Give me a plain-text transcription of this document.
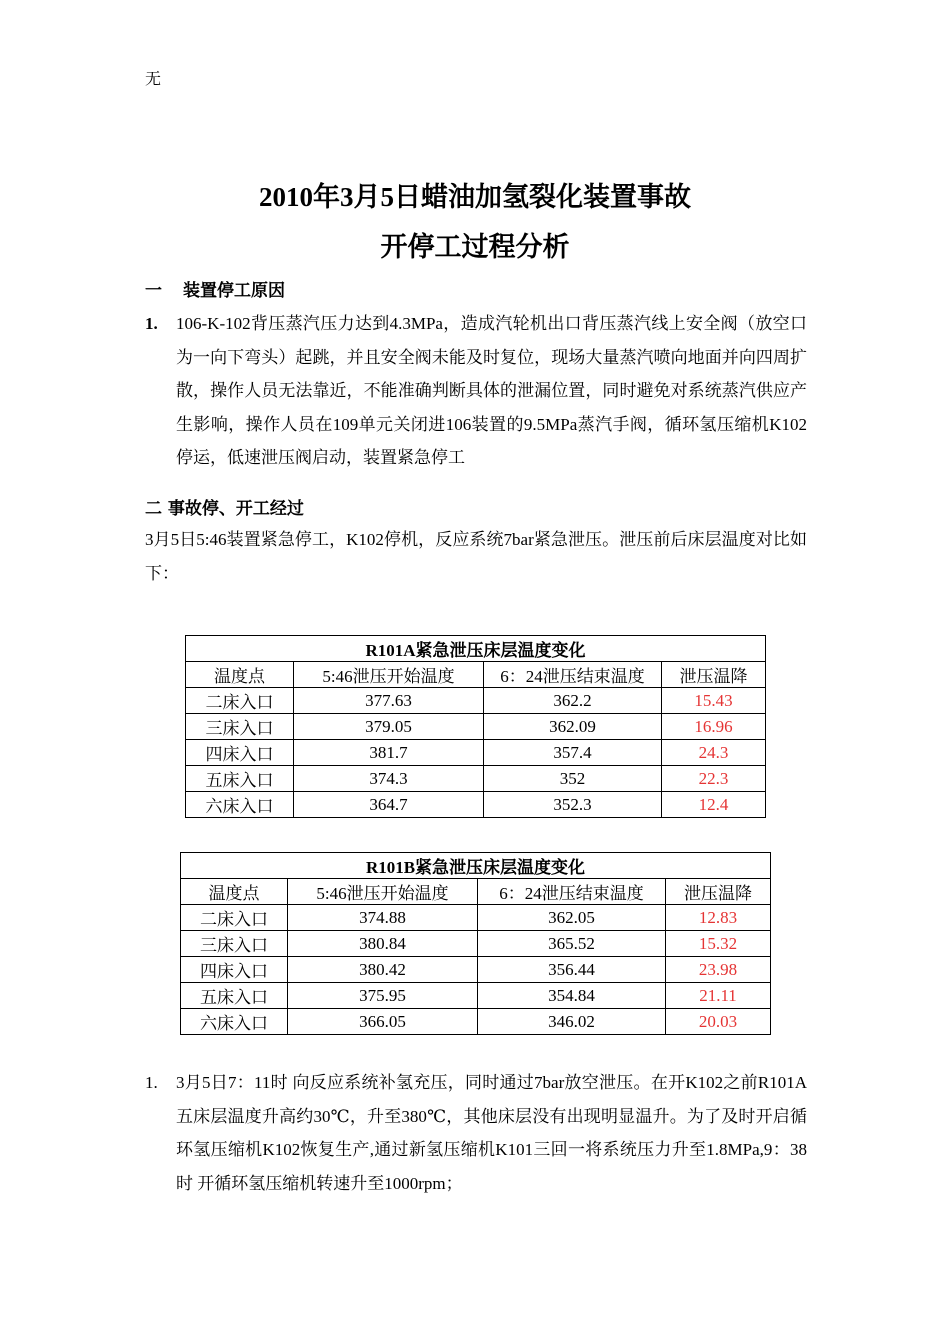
无
2010年3月5日蜡油加氢裂化装置事故
开停工过程分析
一 装置停工原因
1. 106-K-102背压蒸汽压力达到4.3MPa，造成汽轮机出口背压蒸汽线上安全阀（放空口为一向下弯头）起跳，并且安全阀未能及时复位，现场大量蒸汽喷向地面并向四周扩散，操作人员无法靠近，不能准确判断具体的泄漏位置，同时避免对系统蒸汽供应产生影响，操作人员在109单元关闭进106装置的9.5MPa蒸汽手阀，循环氢压缩机K102停运，低速泄压阀启动，装置紧急停工
二 事故停、开工经过
3月5日5:46装置紧急停工，K102停机，反应系统7bar紧急泄压。泄压前后床层温度对比如下：
R101A紧急泄压床层温度变化			
温度点	5:46泄压开始温度	6：24泄压结束温度	泄压温降
二床入口	377.63	362.2	15.43
三床入口	379.05	362.09	16.96
四床入口	381.7	357.4	24.3
五床入口	374.3	352	22.3
六床入口	364.7	352.3	12.4
R101B紧急泄压床层温度变化			
温度点	5:46泄压开始温度	6：24泄压结束温度	泄压温降
二床入口	374.88	362.05	12.83
三床入口	380.84	365.52	15.32
四床入口	380.42	356.44	23.98
五床入口	375.95	354.84	21.11
六床入口	366.05	346.02	20.03
1. 3月5日7：11时 向反应系统补氢充压，同时通过7bar放空泄压。在开K102之前R101A五床层温度升高约30℃，升至380℃，其他床层没有出现明显温升。为了及时开启循环氢压缩机K102恢复生产,通过新氢压缩机K101三回一将系统压力升至1.8MPa,9：38时 开循环氢压缩机转速升至1000rpm；
